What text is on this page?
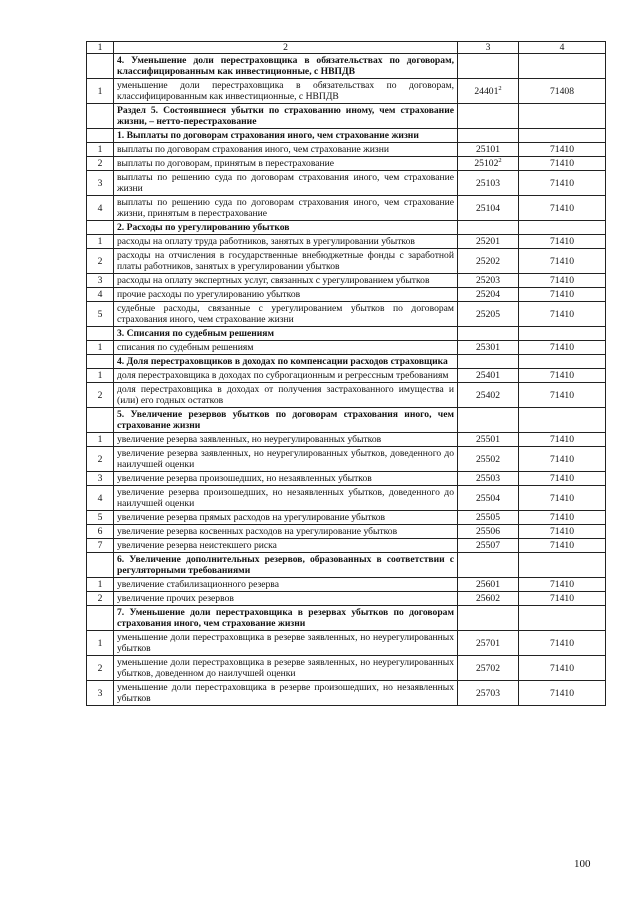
1	2	3	4
	4. Уменьшение доли перестраховщика в обязательствах по договорам, классифицированным как инвестиционные, с НВПДВ		
1	уменьшение доли перестраховщика в обязательствах по договорам, классифицированным как инвестиционные, с НВПДВ	24401$^2$	71408
	Раздел 5. Состоявшиеся убытки по страхованию иному, чем страхование жизни, – нетто-перестрахование		
	1. Выплаты по договорам страхования иного, чем страхование жизни		
1	выплаты по договорам страхования иного, чем страхование жизни	25101	71410
2	выплаты по договорам, принятым в перестрахование	25102$^2$	71410
3	выплаты по решению суда по договорам страхования иного, чем страхование жизни	25103	71410
4	выплаты по решению суда по договорам страхования иного, чем страхование жизни, принятым в перестрахование	25104	71410
	2. Расходы по урегулированию убытков		
1	расходы на оплату труда работников, занятых в урегулировании убытков	25201	71410
2	расходы на отчисления в государственные внебюджетные фонды с заработной платы работников, занятых в урегулировании убытков	25202	71410
3	расходы на оплату экспертных услуг, связанных с урегулированием убытков	25203	71410
4	прочие расходы по урегулированию убытков	25204	71410
5	судебные расходы, связанные с урегулированием убытков по договорам страхования иного, чем страхование жизни	25205	71410
	3. Списания по судебным решениям		
1	списания по судебным решениям	25301	71410
	4. Доля перестраховщиков в доходах по компенсации расходов страховщика		
1	доля перестраховщика в доходах по суброгационным и регрессным требованиям	25401	71410
2	доля перестраховщика в доходах от получения застрахованного имущества и (или) его годных остатков	25402	71410
	5. Увеличение резервов убытков по договорам страхования иного, чем страхование жизни		
1	увеличение резерва заявленных, но неурегулированных убытков	25501	71410
2	увеличение резерва заявленных, но неурегулированных убытков, доведенного до наилучшей оценки	25502	71410
3	увеличение резерва произошедших, но незаявленных убытков	25503	71410
4	увеличение резерва произошедших, но незаявленных убытков, доведенного до наилучшей оценки	25504	71410
5	увеличение резерва прямых расходов на урегулирование убытков	25505	71410
6	увеличение резерва косвенных расходов на урегулирование убытков	25506	71410
7	увеличение резерва неистекшего риска	25507	71410
	6. Увеличение дополнительных резервов, образованных в соответствии с регуляторными требованиями		
1	увеличение стабилизационного резерва	25601	71410
2	увеличение прочих резервов	25602	71410
	7. Уменьшение доли перестраховщика в резервах убытков по договорам страхования иного, чем страхование жизни		
1	уменьшение доли перестраховщика в резерве заявленных, но неурегулированных убытков	25701	71410
2	уменьшение доли перестраховщика в резерве заявленных, но неурегулированных убытков, доведенном до наилучшей оценки	25702	71410
3	уменьшение доли перестраховщика в резерве произошедших, но незаявленных убытков	25703	71410
100
